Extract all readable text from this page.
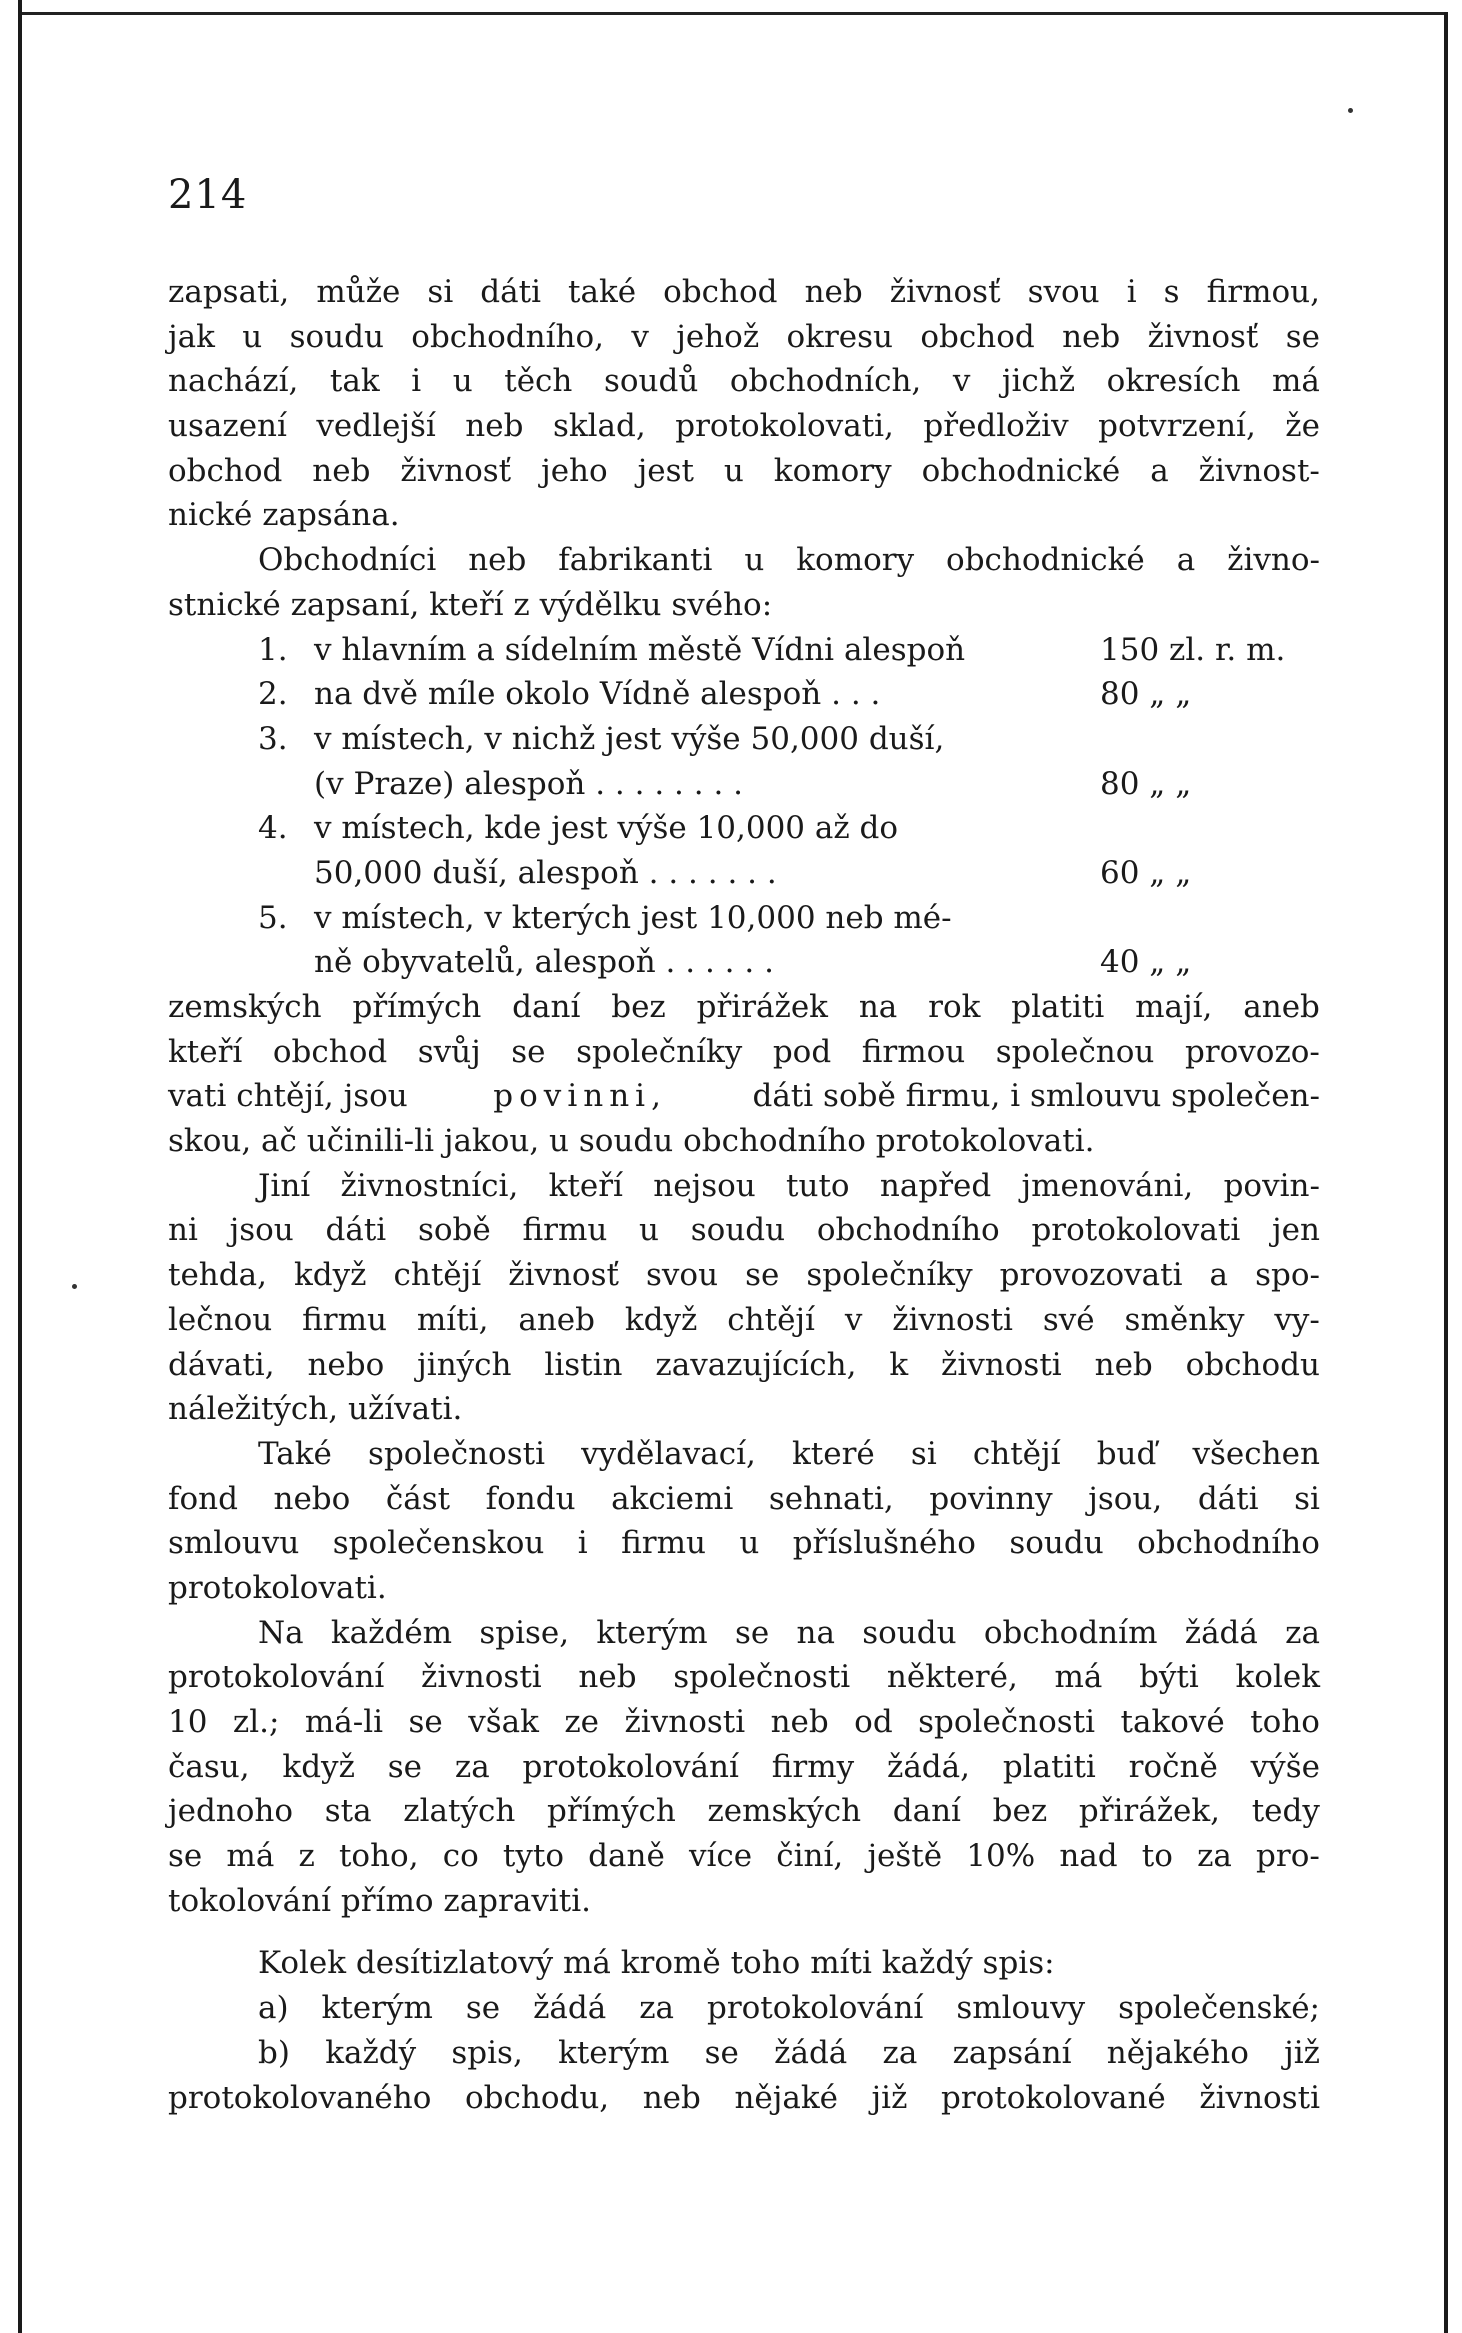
214
zapsati, může si dáti také obchod neb živnosť svou i s firmou,
jak u soudu obchodního, v jehož okresu obchod neb živnosť se
nachází, tak i u těch soudů obchodních, v jichž okresích má
usazení vedlejší neb sklad, protokolovati, předloživ potvrzení, že
obchod neb živnosť jeho jest u komory obchodnické a živnost-
nické zapsána.
Obchodníci neb fabrikanti u komory obchodnické a živno-
stnické zapsaní, kteří z výdělku svého:
1. v hlavním a sídelním městě Vídni alespoň	150 zl. r. m.
2. na dvě míle okolo Vídně alespoň . . .	80 „ „
3. v místech, v nichž jest výše 50,000 duší,
(v Praze) alespoň . . . . . . . .	80 „ „
4. v místech, kde jest výše 10,000 až do
50,000 duší, alespoň . . . . . . .	60 „ „
5. v místech, v kterých jest 10,000 neb mé-
ně obyvatelů, alespoň . . . . . .	40 „ „
zemských přímých daní bez přirážek na rok platiti mají, aneb
kteří obchod svůj se společníky pod firmou společnou provozo-
vati chtějí, jsou	povinni,	dáti sobě firmu, i smlouvu společen-
skou, ač učinili-li jakou, u soudu obchodního protokolovati.
Jiní živnostníci, kteří nejsou tuto napřed jmenováni, povin-
ni jsou dáti sobě firmu u soudu obchodního protokolovati jen
tehda, když chtějí živnosť svou se společníky provozovati a spo-
lečnou firmu míti, aneb když chtějí v živnosti své směnky vy-
dávati, nebo jiných listin zavazujících, k živnosti neb obchodu
náležitých, užívati.
Také společnosti vydělavací, které si chtějí buď všechen
fond nebo část fondu akciemi sehnati, povinny jsou, dáti si
smlouvu společenskou i firmu u příslušného soudu obchodního
protokolovati.
Na každém spise, kterým se na soudu obchodním žádá za
protokolování živnosti neb společnosti některé, má býti kolek
10 zl.; má-li se však ze živnosti neb od společnosti takové toho
času, když se za protokolování firmy žádá, platiti ročně výše
jednoho sta zlatých přímých zemských daní bez přirážek, tedy
se má z toho, co tyto daně více činí, ještě 10% nad to za pro-
tokolování přímo zapraviti.
Kolek desítizlatový má kromě toho míti každý spis:
a) kterým se žádá za protokolování smlouvy společenské;
b) každý spis, kterým se žádá za zapsání nějakého již
protokolovaného obchodu, neb nějaké již protokolované živnosti
